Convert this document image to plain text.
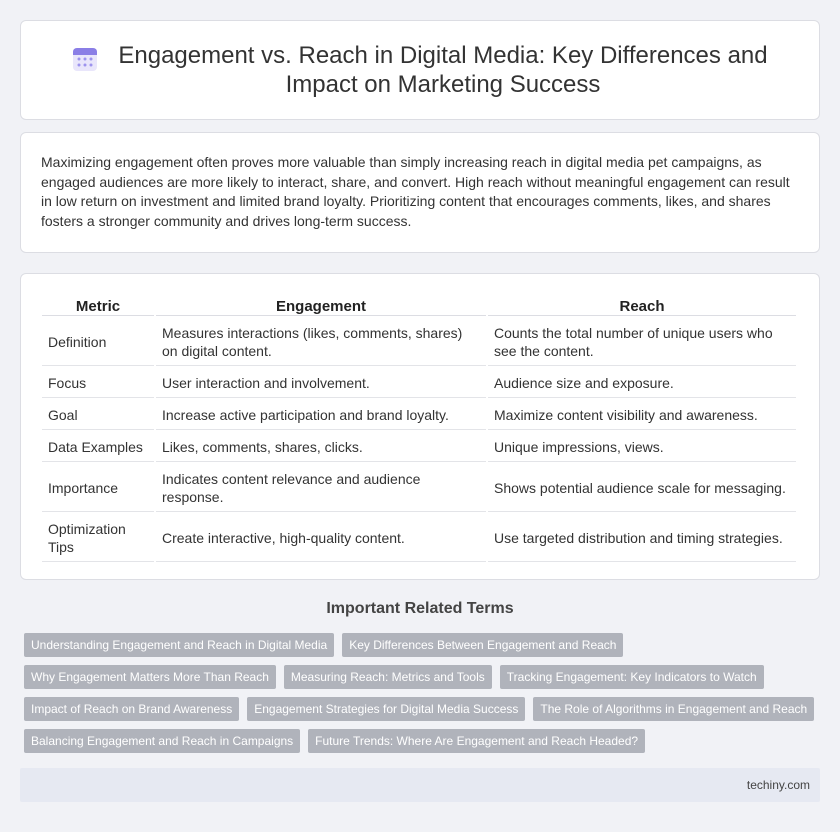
Engagement vs. Reach in Digital Media: Key Differences and Impact on Marketing Success

Maximizing engagement often proves more valuable than simply increasing reach in digital media pet campaigns, as engaged audiences are more likely to interact, share, and convert. High reach without meaningful engagement can result in low return on investment and limited brand loyalty. Prioritizing content that encourages comments, likes, and shares fosters a stronger community and drives long-term success.

Metric	Engagement	Reach
Definition	Measures interactions (likes, comments, shares) on digital content.	Counts the total number of unique users who see the content.
Focus	User interaction and involvement.	Audience size and exposure.
Goal	Increase active participation and brand loyalty.	Maximize content visibility and awareness.
Data Examples	Likes, comments, shares, clicks.	Unique impressions, views.
Importance	Indicates content relevance and audience response.	Shows potential audience scale for messaging.
Optimization Tips	Create interactive, high-quality content.	Use targeted distribution and timing strategies.
Important Related Terms
Understanding Engagement and Reach in Digital Media	Key Differences Between Engagement and Reach
Why Engagement Matters More Than Reach	Measuring Reach: Metrics and Tools	Tracking Engagement: Key Indicators to Watch
Impact of Reach on Brand Awareness	Engagement Strategies for Digital Media Success	The Role of Algorithms in Engagement and Reach
Balancing Engagement and Reach in Campaigns	Future Trends: Where Are Engagement and Reach Headed?
techiny.com
